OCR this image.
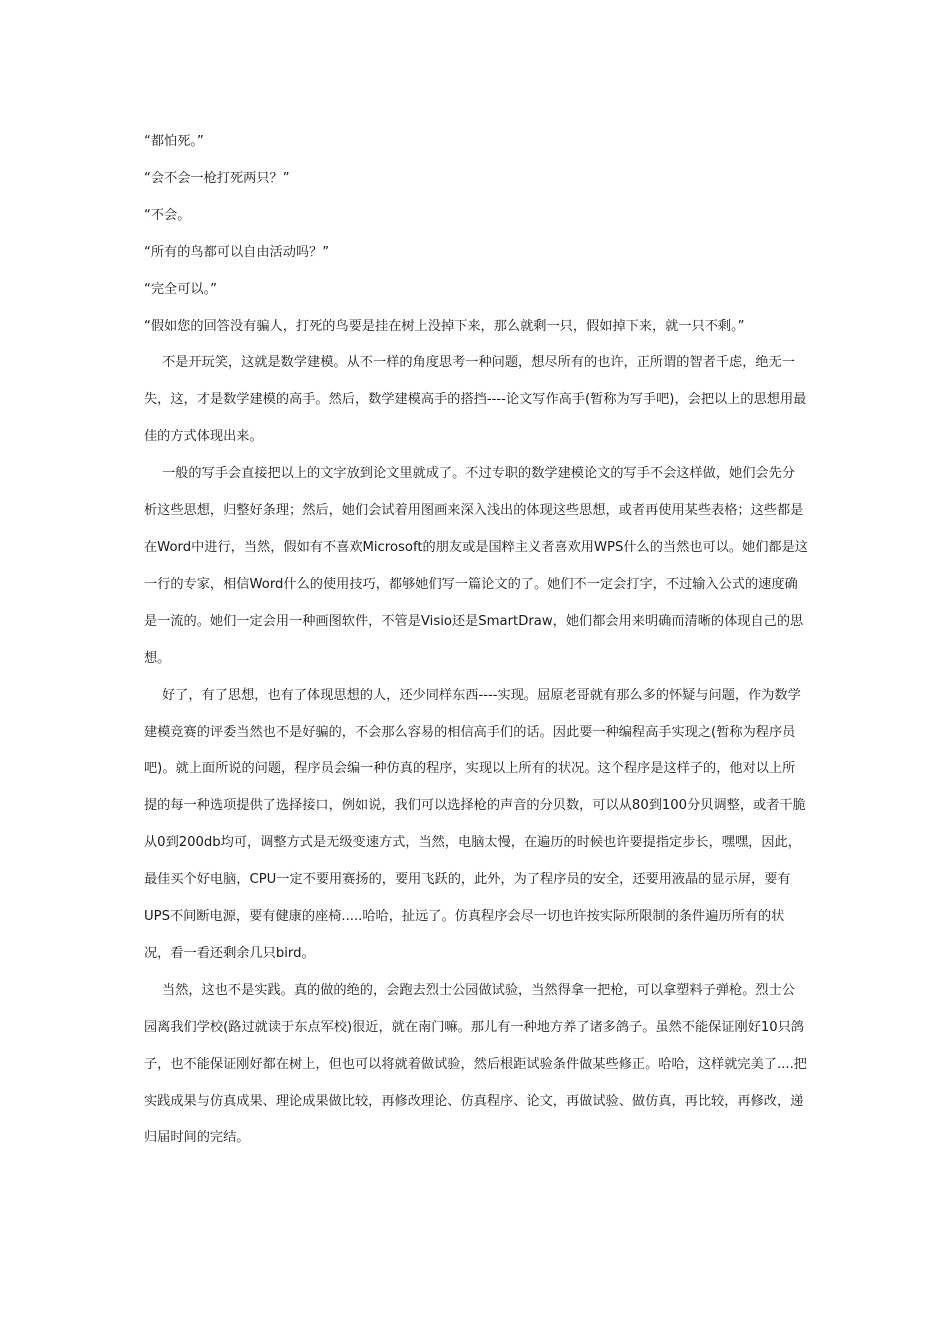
“都怕死。”

“会不会一枪打死两只？”

“不会。

“所有的鸟都可以自由活动吗？”

“完全可以。”

“假如您的回答没有骗人，打死的鸟要是挂在树上没掉下来，那么就剩一只，假如掉下来，就一只不剩。”

不是开玩笑，这就是数学建模。从不一样的角度思考一种问题，想尽所有的也许，正所谓的智者千虑，绝无一失，这，才是数学建模的高手。然后，数学建模高手的搭挡----论文写作高手(暂称为写手吧)，会把以上的思想用最佳的方式体现出来。

一般的写手会直接把以上的文字放到论文里就成了。不过专职的数学建模论文的写手不会这样做，她们会先分析这些思想，归整好条理；然后，她们会试着用图画来深入浅出的体现这些思想，或者再使用某些表格；这些都是在Word中进行，当然，假如有不喜欢Microsoft的朋友或是国粹主义者喜欢用WPS什么的当然也可以。她们都是这一行的专家，相信Word什么的使用技巧，都够她们写一篇论文的了。她们不一定会打字，不过输入公式的速度确是一流的。她们一定会用一种画图软件，不管是Visio还是SmartDraw，她们都会用来明确而清晰的体现自己的思想。

好了，有了思想，也有了体现思想的人，还少同样东西----实现。屈原老哥就有那么多的怀疑与问题，作为数学建模竞赛的评委当然也不是好骗的，不会那么容易的相信高手们的话。因此要一种编程高手实现之(暂称为程序员吧)。就上面所说的问题，程序员会编一种仿真的程序，实现以上所有的状况。这个程序是这样子的，他对以上所提的每一种选项提供了选择接口，例如说，我们可以选择枪的声音的分贝数，可以从80到100分贝调整，或者干脆从0到200db均可，调整方式是无级变速方式，当然，电脑太慢，在遍历的时候也许要提指定步长，嘿嘿，因此，最佳买个好电脑，CPU一定不要用赛扬的，要用飞跃的，此外，为了程序员的安全，还要用液晶的显示屏，要有UPS不间断电源，要有健康的座椅.....哈哈，扯远了。仿真程序会尽一切也许按实际所限制的条件遍历所有的状况，看一看还剩余几只bird。

当然，这也不是实践。真的做的绝的，会跑去烈士公园做试验，当然得拿一把枪，可以拿塑料子弹枪。烈士公园离我们学校(路过就读于东点军校)很近，就在南门嘛。那儿有一种地方养了诸多鸽子。虽然不能保证刚好10只鸽子，也不能保证刚好都在树上，但也可以将就着做试验，然后根距试验条件做某些修正。哈哈，这样就完美了....把实践成果与仿真成果、理论成果做比较，再修改理论、仿真程序、论文，再做试验、做仿真，再比较，再修改，递归届时间的完结。
